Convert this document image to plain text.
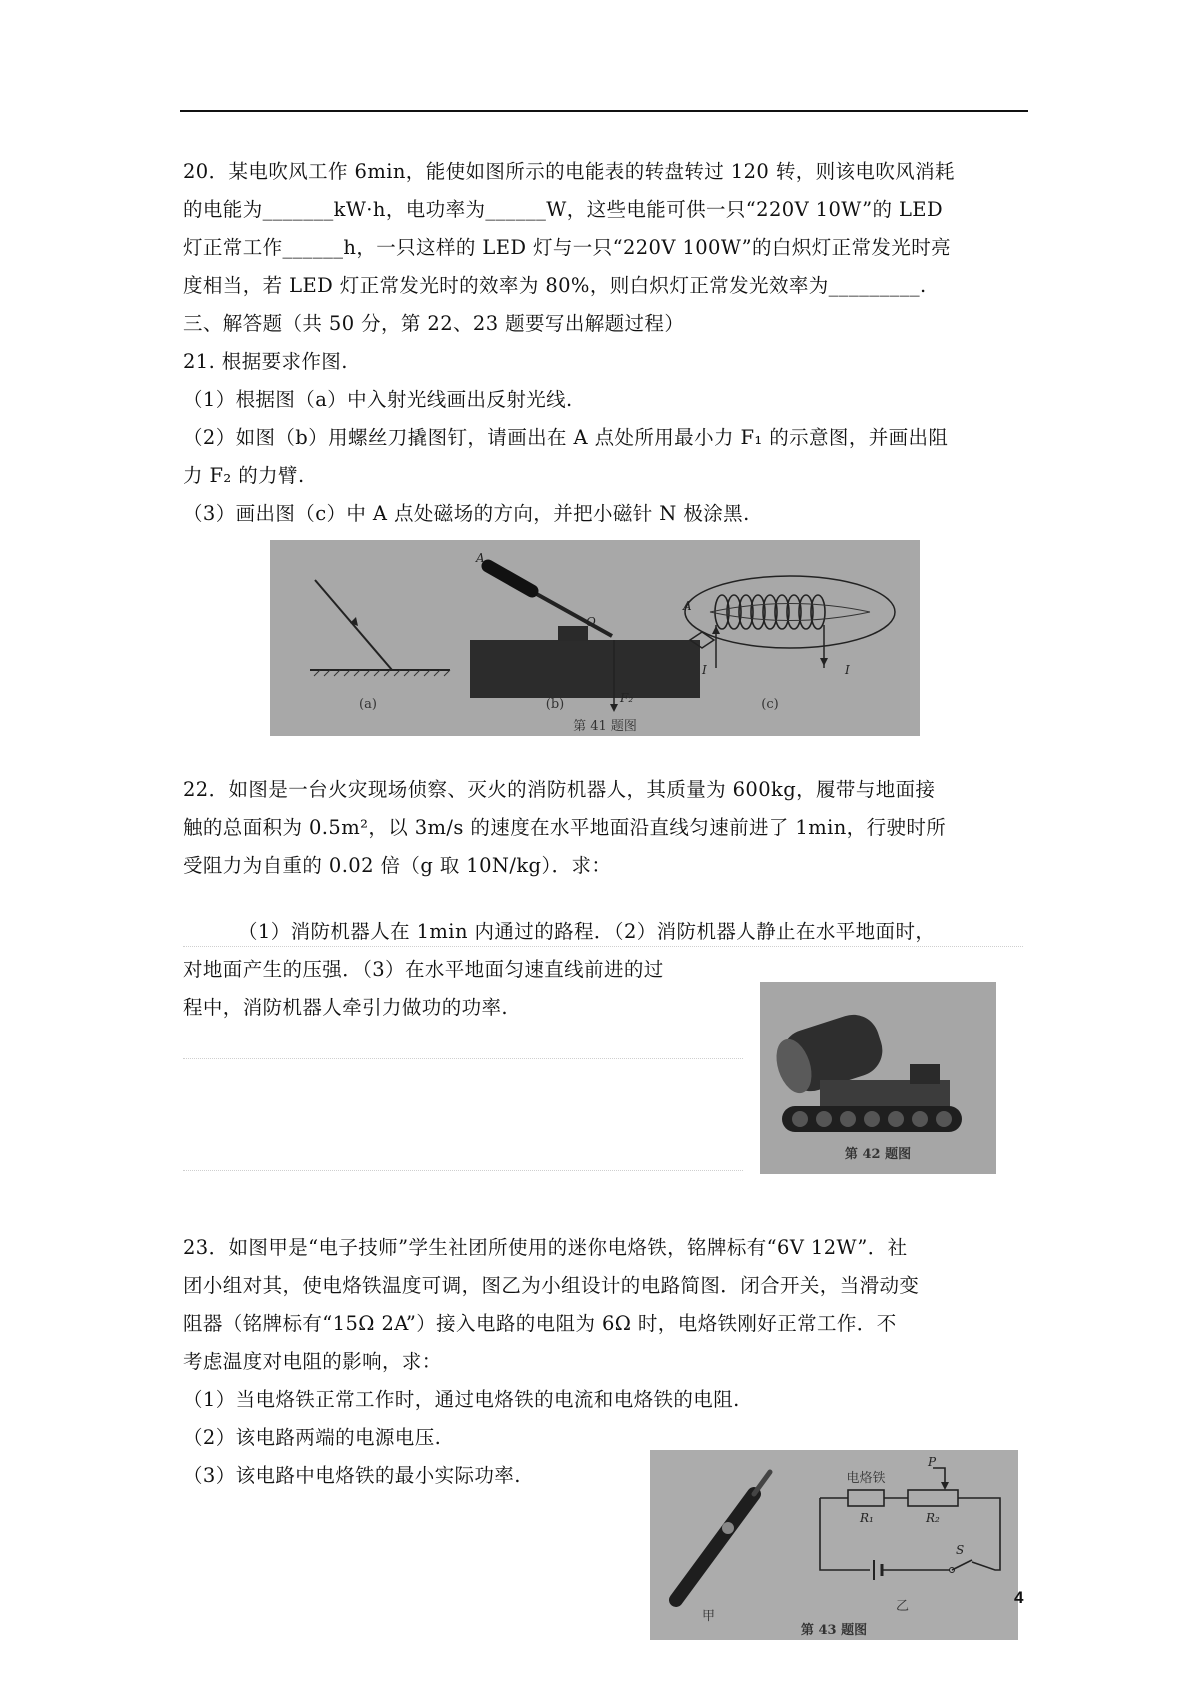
20．某电吹风工作 6min，能使如图所示的电能表的转盘转过 120 转，则该电吹风消耗
的电能为_______kW·h，电功率为______W，这些电能可供一只“220V 10W”的 LED
灯正常工作______h，一只这样的 LED 灯与一只“220V 100W”的白炽灯正常发光时亮
度相当，若 LED 灯正常发光时的效率为 80%，则白炽灯正常发光效率为_________.
三、解答题（共 50 分，第 22、23 题要写出解题过程）
21. 根据要求作图.
（1）根据图（a）中入射光线画出反射光线.
（2）如图（b）用螺丝刀撬图钉，请画出在 A 点处所用最小力 F₁ 的示意图，并画出阻
力 F₂ 的力臂.
（3）画出图（c）中 A 点处磁场的方向，并把小磁针 N 极涂黑.
(a)
A
O
F₂
(b)
A
I	I
(c)
第 41 题图
22．如图是一台火灾现场侦察、灭火的消防机器人，其质量为 600kg，履带与地面接
触的总面积为 0.5m²，以 3m/s 的速度在水平地面沿直线匀速前进了 1min，行驶时所
受阻力为自重的 0.02 倍（g 取 10N/kg）．求：
（1）消防机器人在 1min 内通过的路程．（2）消防机器人静止在水平地面时，
对地面产生的压强．（3）在水平地面匀速直线前进的过
程中，消防机器人牵引力做功的功率.
第 42 题图
23．如图甲是“电子技师”学生社团所使用的迷你电烙铁，铭牌标有“6V 12W”．社
团小组对其，使电烙铁温度可调，图乙为小组设计的电路简图．闭合开关，当滑动变
阻器（铭牌标有“15Ω 2A”）接入电路的电阻为 6Ω 时，电烙铁刚好正常工作．不
考虑温度对电阻的影响，求：
（1）当电烙铁正常工作时，通过电烙铁的电流和电烙铁的电阻.
（2）该电路两端的电源电压.
（3）该电路中电烙铁的最小实际功率.
甲
电烙铁
R₁	R₂
P
S
乙
第 43 题图
4
